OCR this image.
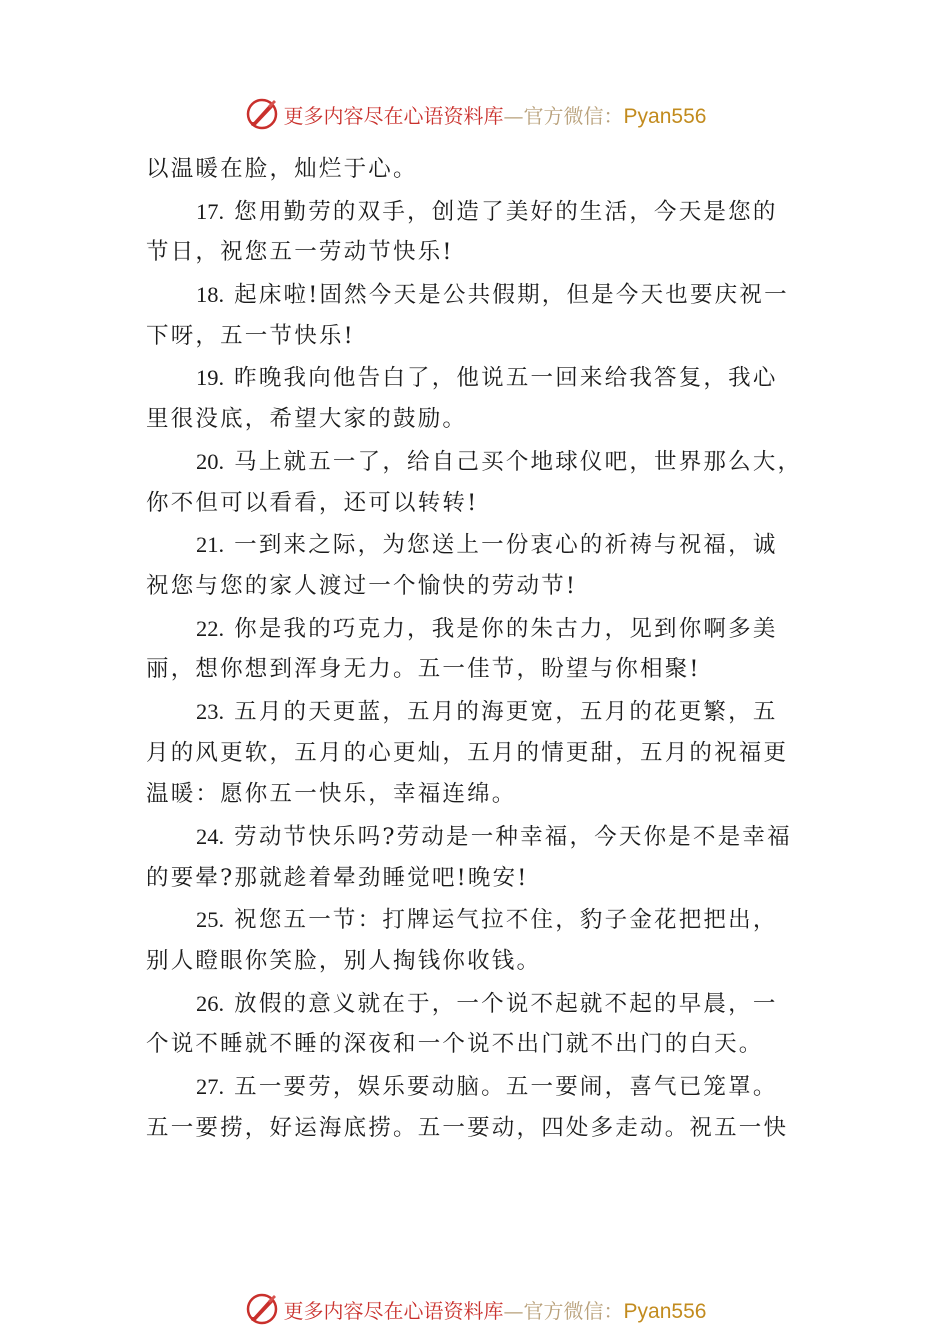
更多内容尽在心语资料库—官方微信：Pyan556
以温暖在脸，灿烂于心。
17. 您用勤劳的双手，创造了美好的生活，今天是您的
节日，祝您五一劳动节快乐!
18. 起床啦!固然今天是公共假期，但是今天也要庆祝一
下呀，五一节快乐!
19. 昨晚我向他告白了，他说五一回来给我答复，我心
里很没底，希望大家的鼓励。
20. 马上就五一了，给自己买个地球仪吧，世界那么大，
你不但可以看看，还可以转转!
21. 一到来之际，为您送上一份衷心的祈祷与祝福，诚
祝您与您的家人渡过一个愉快的劳动节!
22. 你是我的巧克力，我是你的朱古力，见到你啊多美
丽，想你想到浑身无力。五一佳节，盼望与你相聚!
23. 五月的天更蓝，五月的海更宽，五月的花更繁，五
月的风更软，五月的心更灿，五月的情更甜，五月的祝福更
温暖：愿你五一快乐，幸福连绵。
24. 劳动节快乐吗?劳动是一种幸福，今天你是不是幸福
的要晕?那就趁着晕劲睡觉吧!晚安!
25. 祝您五一节：打牌运气拉不住，豹子金花把把出，
别人瞪眼你笑脸，别人掏钱你收钱。
26. 放假的意义就在于，一个说不起就不起的早晨，一
个说不睡就不睡的深夜和一个说不出门就不出门的白天。
27. 五一要劳，娱乐要动脑。五一要闹，喜气已笼罩。
五一要捞，好运海底捞。五一要动，四处多走动。祝五一快
更多内容尽在心语资料库—官方微信：Pyan556
